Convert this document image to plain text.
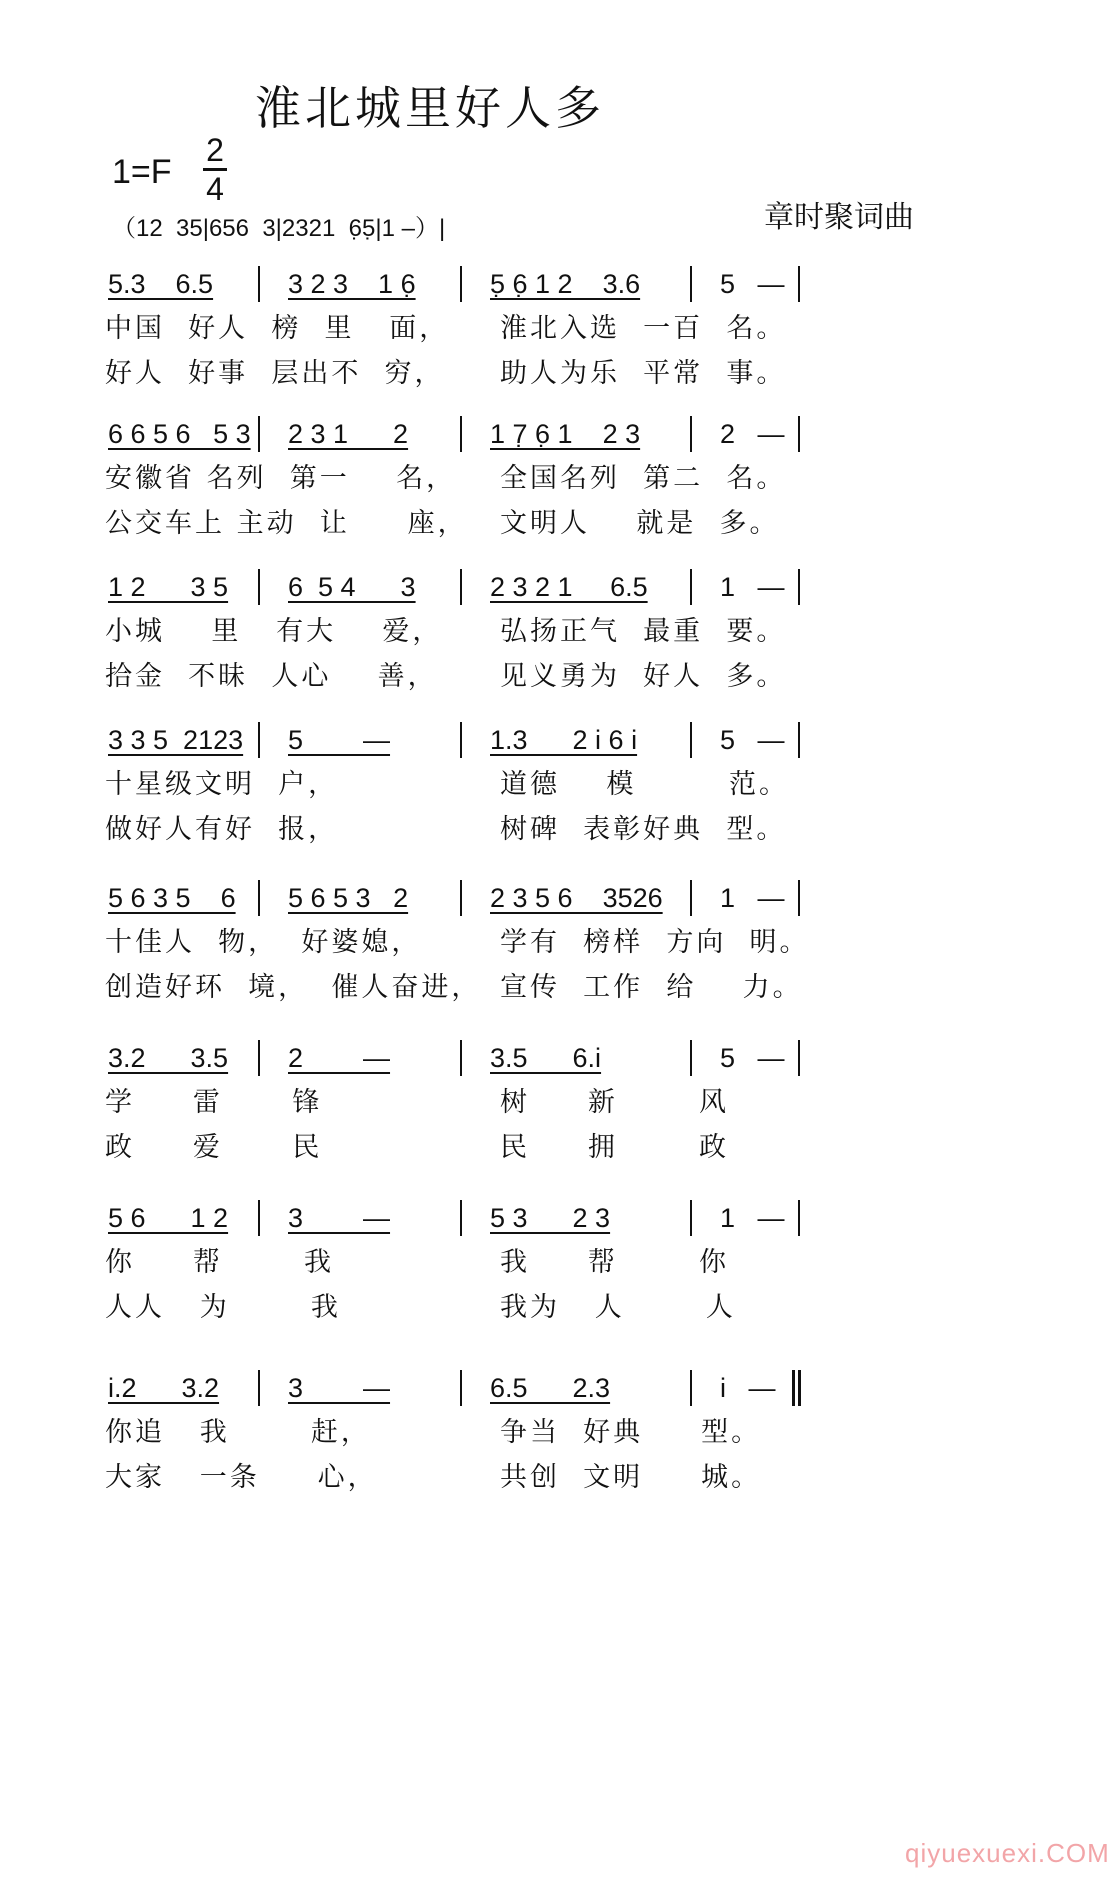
淮北城里好人多
1=F
2
4
章时聚词曲
（12  35|656  3|2321  6̣5̣|1 –）|
5.3    6.5	3 2 3    1 6̣	5̣ 6̣ 1 2    3.6	5   —
中国  好人  榜  里   面， 淮北入选  一百  名。
好人  好事  层出不  穷， 助人为乐  平常  事。
6 6 5 6   5 3	2 3 1      2	1 7̣ 6̣ 1    2 3	2   —
安徽省 名列  第一    名， 全国名列  第二  名。
公交车上 主动  让     座， 文明人    就是  多。
1 2      3 5	6  5 4      3	2 3 2 1     6.5	1   —
小城    里   有大    爱， 弘扬正气  最重  要。
拾金  不昧  人心    善， 见义勇为  好人  多。
3 3 5  2123	5        —	1.3      2 i 6 i	5   —
十星级文明  户，	道德    模        范。
做好人有好  报，	树碑  表彰好典  型。
5 6 3 5    6	5 6 5 3   2	2 3 5 6    3526	1   —
十佳人  物，  好婆媳，	学有  榜样  方向  明。
创造好环  境，  催人奋进， 宣传  工作  给    力。
3.2      3.5	2        —	3.5      6.i	5   —
学     雷      锋	树     新       风
政     爱      民	民     拥       政
5 6      1 2	3        —	5 3      2 3	1   —
你     帮       我	我     帮       你
人人   为       我	我为   人       人
i.2      3.2	3        —	6.5      2.3	i   —
你追   我       赶，	争当  好典     型。
大家   一条     心，	共创  文明     城。
qiyuexuexi.COM
